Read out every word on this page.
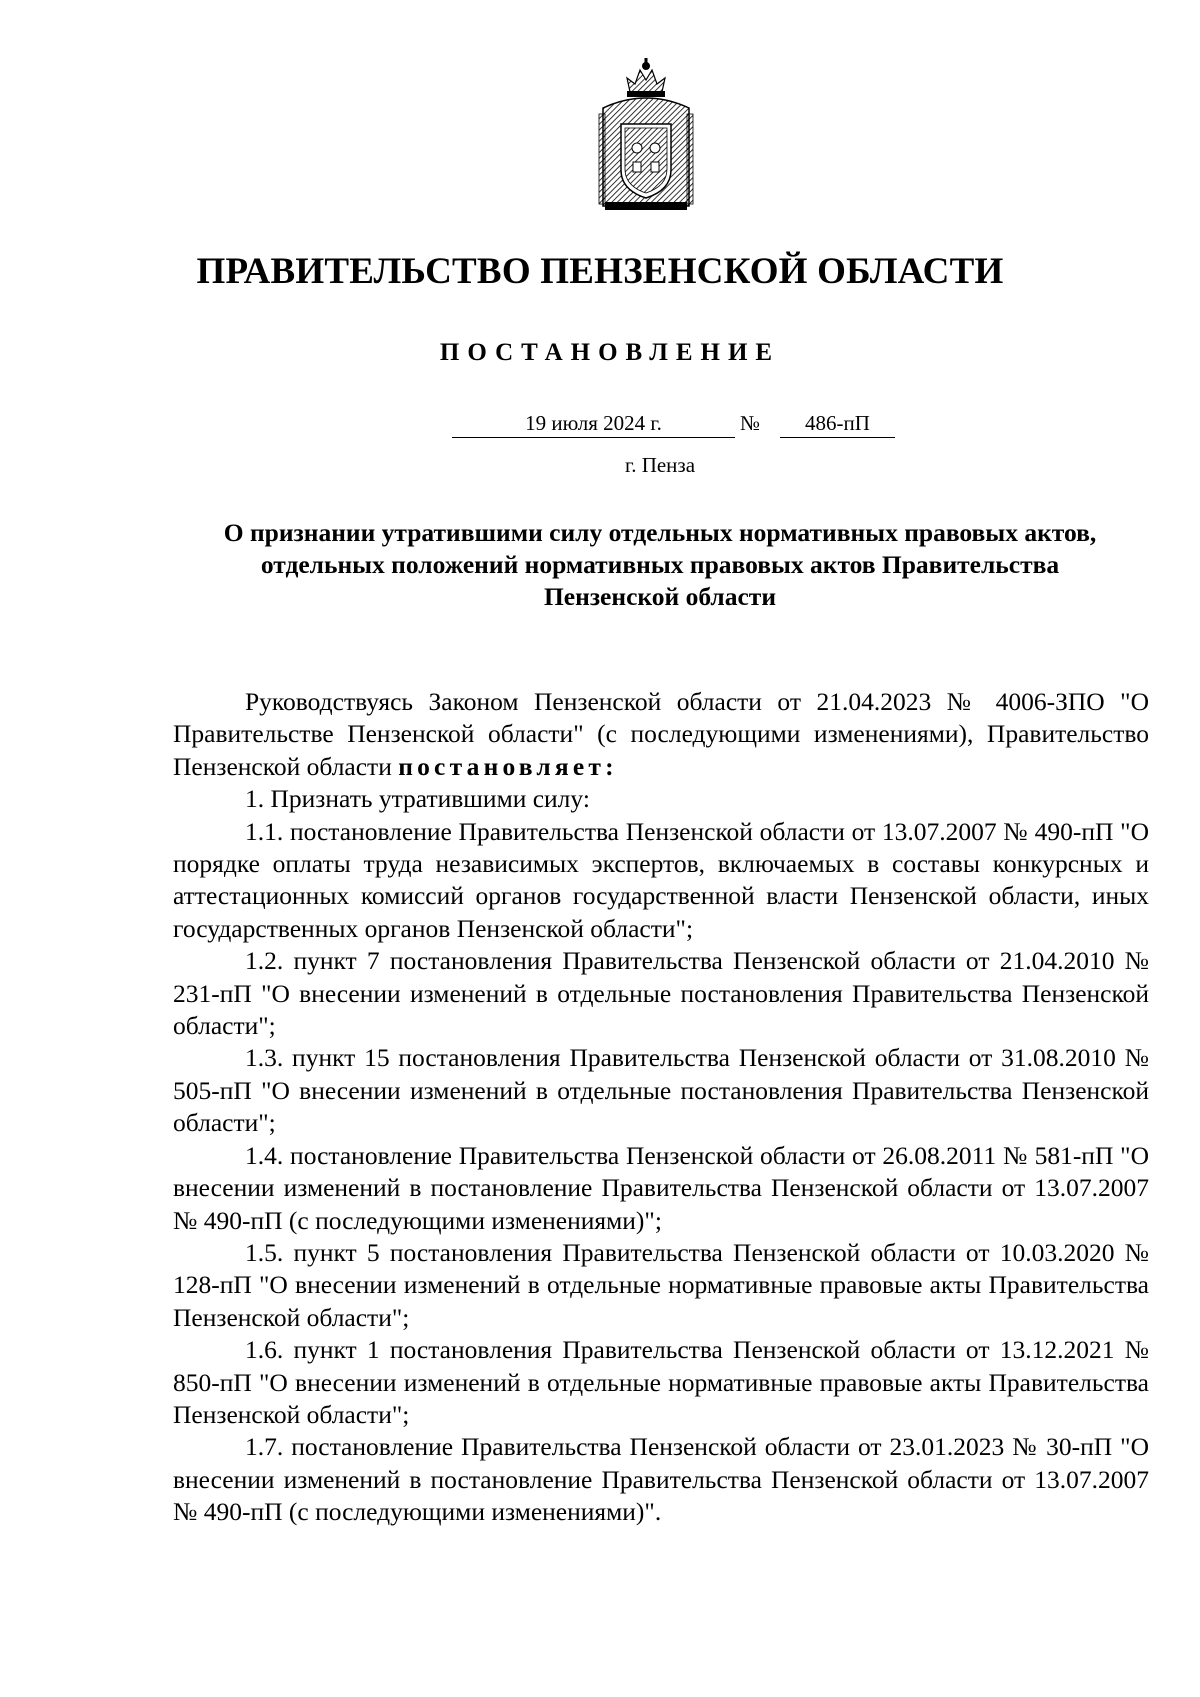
ПРАВИТЕЛЬСТВО ПЕНЗЕНСКОЙ ОБЛАСТИ
ПОСТАНОВЛЕНИЕ
19 июля 2024 г.	№	486-пП
г. Пенза
О признании утратившими силу отдельных нормативных правовых актов, отдельных положений нормативных правовых актов Правительства Пензенской области

Руководствуясь Законом Пензенской области от 21.04.2023 № 4006-ЗПО "О Правительстве Пензенской области" (с последующими изменениями), Правительство Пензенской области постановляет:

1. Признать утратившими силу:

1.1. постановление Правительства Пензенской области от 13.07.2007 № 490-пП "О порядке оплаты труда независимых экспертов, включаемых в составы конкурсных и аттестационных комиссий органов государственной власти Пензенской области, иных государственных органов Пензенской области";

1.2. пункт 7 постановления Правительства Пензенской области от 21.04.2010 № 231-пП "О внесении изменений в отдельные постановления Правительства Пензенской области";

1.3. пункт 15 постановления Правительства Пензенской области от 31.08.2010 № 505-пП "О внесении изменений в отдельные постановления Правительства Пензенской области";

1.4. постановление Правительства Пензенской области от 26.08.2011 № 581-пП "О внесении изменений в постановление Правительства Пензенской области от 13.07.2007 № 490-пП (с последующими изменениями)";

1.5. пункт 5 постановления Правительства Пензенской области от 10.03.2020 № 128-пП "О внесении изменений в отдельные нормативные правовые акты Правительства Пензенской области";

1.6. пункт 1 постановления Правительства Пензенской области от 13.12.2021 № 850-пП "О внесении изменений в отдельные нормативные правовые акты Правительства Пензенской области";

1.7. постановление Правительства Пензенской области от 23.01.2023 № 30-пП "О внесении изменений в постановление Правительства Пензенской области от 13.07.2007 № 490-пП (с последующими изменениями)".
